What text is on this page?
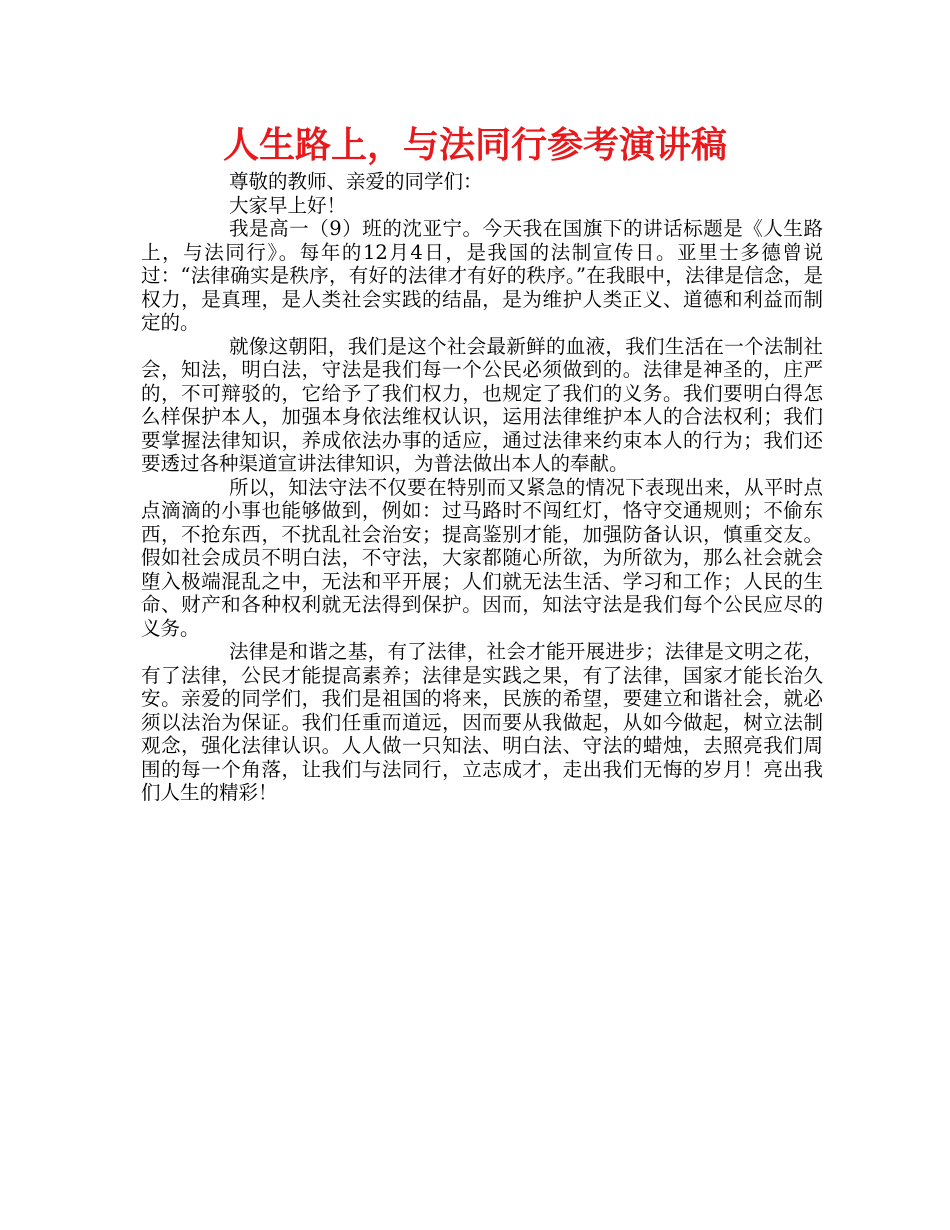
人生路上，与法同行参考演讲稿

尊敬的教师、亲爱的同学们：

大家早上好！

我是高一（9）班的沈亚宁。今天我在国旗下的讲话标题是《人生路上，与法同行》。每年的12月4日，是我国的法制宣传日。亚里士多德曾说过：“法律确实是秩序，有好的法律才有好的秩序。”在我眼中，法律是信念，是权力，是真理，是人类社会实践的结晶，是为维护人类正义、道德和利益而制定的。

就像这朝阳，我们是这个社会最新鲜的血液，我们生活在一个法制社会，知法，明白法，守法是我们每一个公民必须做到的。法律是神圣的，庄严的，不可辩驳的，它给予了我们权力，也规定了我们的义务。我们要明白得怎么样保护本人，加强本身依法维权认识，运用法律维护本人的合法权利；我们要掌握法律知识，养成依法办事的适应，通过法律来约束本人的行为；我们还要透过各种渠道宣讲法律知识，为普法做出本人的奉献。

所以，知法守法不仅要在特别而又紧急的情况下表现出来，从平时点点滴滴的小事也能够做到，例如：过马路时不闯红灯，恪守交通规则；不偷东西，不抢东西，不扰乱社会治安；提高鉴别才能，加强防备认识，慎重交友。假如社会成员不明白法，不守法，大家都随心所欲，为所欲为，那么社会就会堕入极端混乱之中，无法和平开展；人们就无法生活、学习和工作；人民的生命、财产和各种权利就无法得到保护。因而，知法守法是我们每个公民应尽的义务。

法律是和谐之基，有了法律，社会才能开展进步；法律是文明之花，有了法律，公民才能提高素养；法律是实践之果，有了法律，国家才能长治久安。亲爱的同学们，我们是祖国的将来，民族的希望，要建立和谐社会，就必须以法治为保证。我们任重而道远，因而要从我做起，从如今做起，树立法制观念，强化法律认识。人人做一只知法、明白法、守法的蜡烛，去照亮我们周围的每一个角落，让我们与法同行，立志成才，走出我们无悔的岁月！亮出我们人生的精彩！
